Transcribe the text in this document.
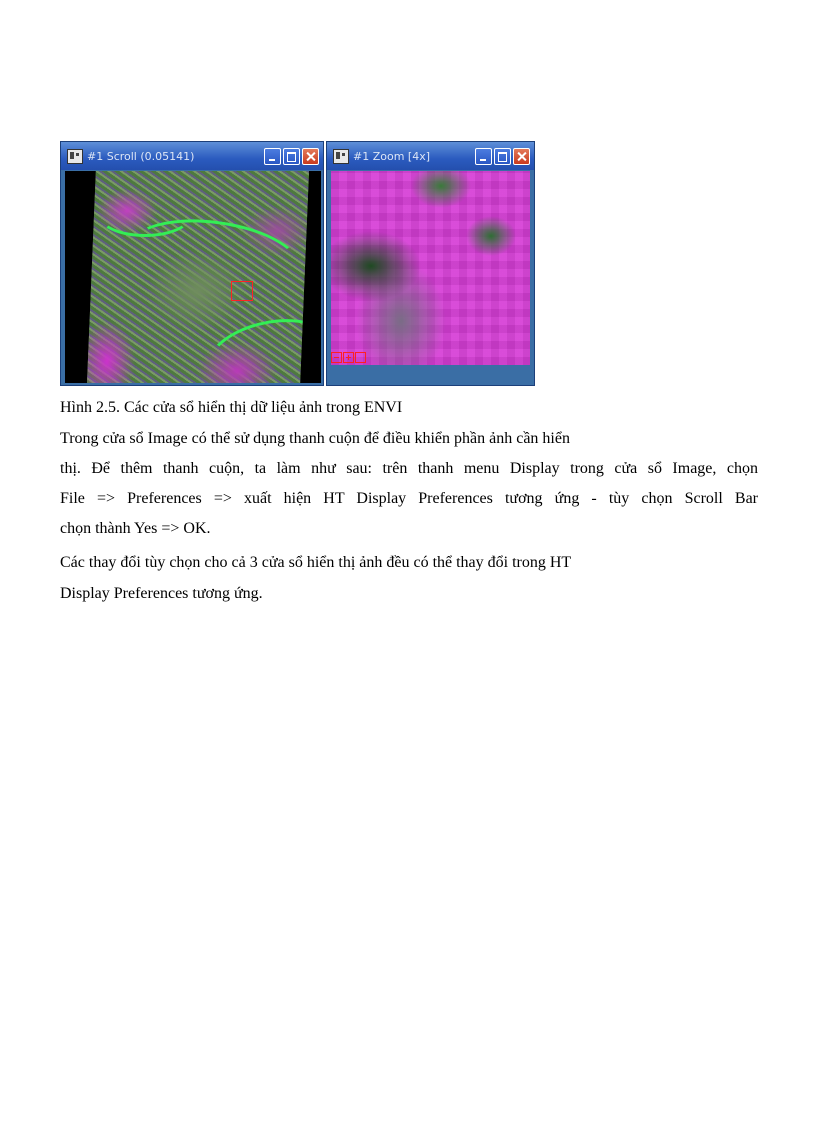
#1 Scroll (0.05141)	#1 Zoom [4x]
Hình 2.5. Các cửa sổ hiển thị dữ liệu ảnh trong ENVI
Trong cửa sổ Image có thể sử dụng thanh cuộn để điều khiển phần ảnh cần hiển
thị. Để thêm thanh cuộn, ta làm như sau: trên thanh menu Display trong cửa sổ Image, chọn
File => Preferences => xuất hiện HT Display Preferences tương ứng - tùy chọn Scroll Bar
chọn thành Yes => OK.
Các thay đổi tùy chọn cho cả 3 cửa sổ hiển thị ảnh đều có thể thay đổi trong HT
Display Preferences tương ứng.
